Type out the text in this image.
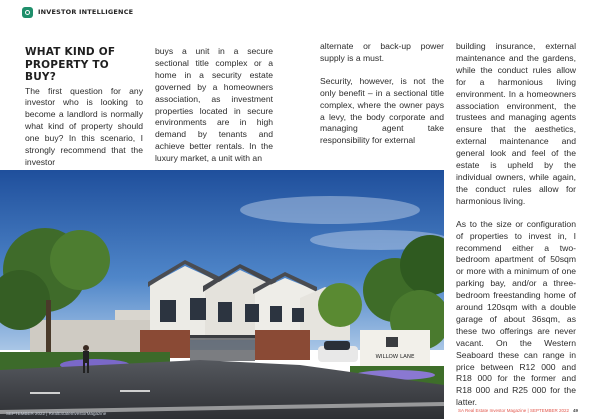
INVESTOR INTELLIGENCE
WHAT KIND OF PROPERTY TO BUY?

The first question for any investor who is looking to become a landlord is normally what kind of property should one buy? In this scenario, I strongly recommend that the investor

buys a unit in a secure sectional title complex or a home in a security estate governed by a homeowners association, as investment properties located in secure environments are in high demand by tenants and achieve better rentals. In the luxury market, a unit with an

alternate or back-up power supply is a must.

Security, however, is not the only benefit – in a sectional title complex, where the owner pays a levy, the body corporate and managing agent take responsibility for external

building insurance, external maintenance and the gardens, while the conduct rules allow for a harmonious living environment. In a homeowners association environment, the trustees and managing agents ensure that the aesthetics, external maintenance and general look and feel of the estate is upheld by the individual owners, while again, the conduct rules allow for harmonious living.

As to the size or configuration of properties to invest in, I recommend either a two-bedroom apartment of 50sqm or more with a minimum of one parking bay, and/or a three-bedroom freestanding home of around 120sqm with a double garage of about 36sqm, as these two offerings are never vacant. On the Western Seaboard these can range in price between R12 000 and R18 000 for the former and R18 000 and R25 000 for the latter.

WILLOW LANE
SEPTEMBER 2022 | RealEstateInvestorMagazine
SA Real Estate Investor Magazine | SEPTEMBER 2022 49
